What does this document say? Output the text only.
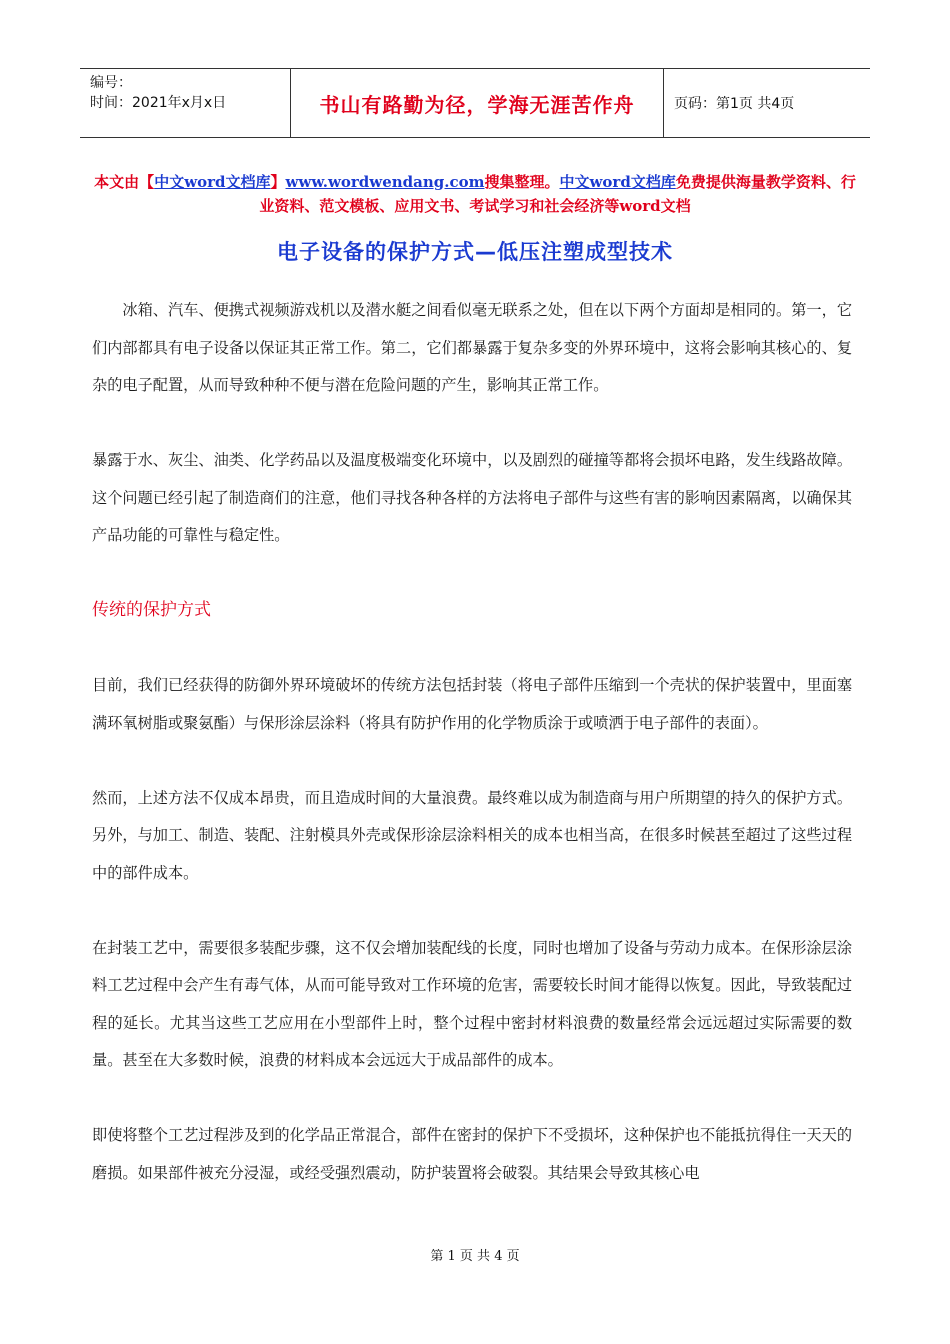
编号：
时间：2021年x月x日	书山有路勤为径，学海无涯苦作舟	页码：第1页 共4页
本文由【中文word文档库】www.wordwendang.com搜集整理。中文word文档库免费提供海量教学资料、行业资料、范文模板、应用文书、考试学习和社会经济等word文档
电子设备的保护方式—低压注塑成型技术

冰箱、汽车、便携式视频游戏机以及潜水艇之间看似毫无联系之处，但在以下两个方面却是相同的。第一，它们内部都具有电子设备以保证其正常工作。第二，它们都暴露于复杂多变的外界环境中，这将会影响其核心的、复杂的电子配置，从而导致种种不便与潜在危险问题的产生，影响其正常工作。

暴露于水、灰尘、油类、化学药品以及温度极端变化环境中，以及剧烈的碰撞等都将会损坏电路，发生线路故障。这个问题已经引起了制造商们的注意，他们寻找各种各样的方法将电子部件与这些有害的影响因素隔离，以确保其产品功能的可靠性与稳定性。

传统的保护方式

目前，我们已经获得的防御外界环境破坏的传统方法包括封装（将电子部件压缩到一个壳状的保护装置中，里面塞满环氧树脂或聚氨酯）与保形涂层涂料（将具有防护作用的化学物质涂于或喷洒于电子部件的表面）。

然而，上述方法不仅成本昂贵，而且造成时间的大量浪费。最终难以成为制造商与用户所期望的持久的保护方式。另外，与加工、制造、装配、注射模具外壳或保形涂层涂料相关的成本也相当高，在很多时候甚至超过了这些过程中的部件成本。

在封装工艺中，需要很多装配步骤，这不仅会增加装配线的长度，同时也增加了设备与劳动力成本。在保形涂层涂料工艺过程中会产生有毒气体，从而可能导致对工作环境的危害，需要较长时间才能得以恢复。因此，导致装配过程的延长。尤其当这些工艺应用在小型部件上时，整个过程中密封材料浪费的数量经常会远远超过实际需要的数量。甚至在大多数时候，浪费的材料成本会远远大于成品部件的成本。

即使将整个工艺过程涉及到的化学品正常混合，部件在密封的保护下不受损坏，这种保护也不能抵抗得住一天天的磨损。如果部件被充分浸湿，或经受强烈震动，防护装置将会破裂。其结果会导致其核心电

第 1 页 共 4 页
